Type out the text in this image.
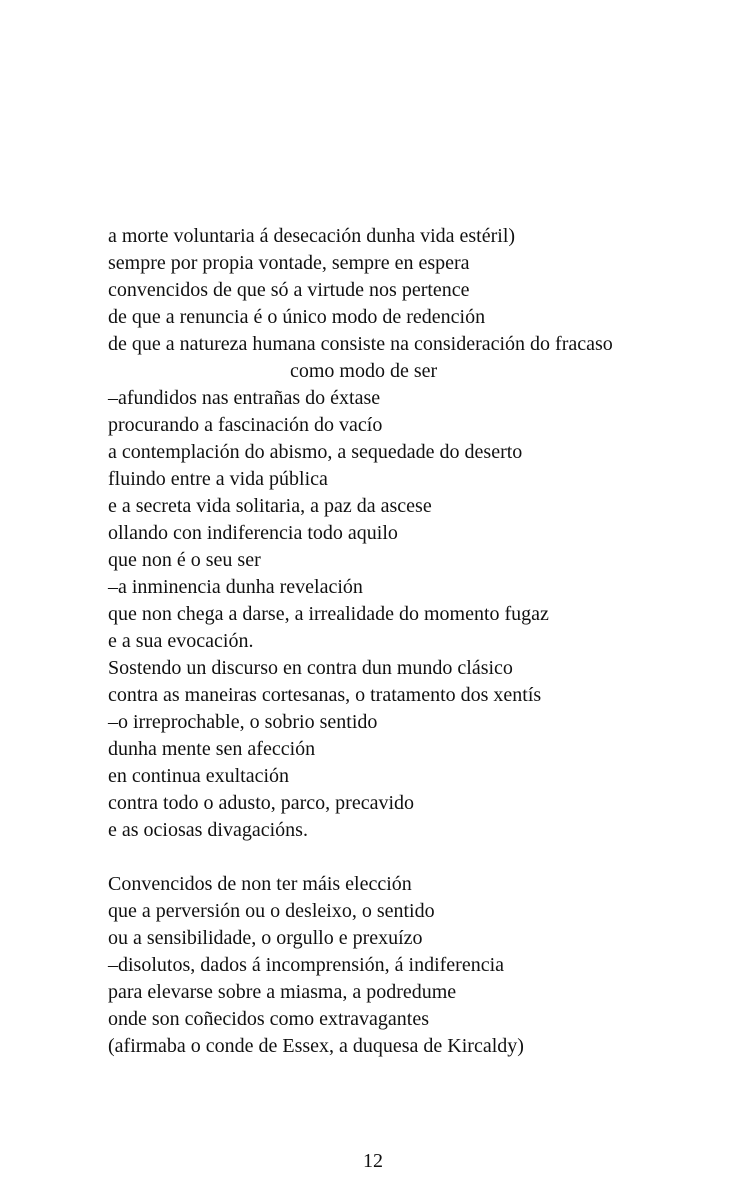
a morte voluntaria á desecación dunha vida estéril)
sempre por propia vontade, sempre en espera
convencidos de que só a virtude nos pertence
de que a renuncia é o único modo de redención
de que a natureza humana consiste na consideración do fracaso
como modo de ser
–afundidos nas entrañas do éxtase
procurando a fascinación do vacío
a contemplación do abismo, a sequedade do deserto
fluindo entre a vida pública
e a secreta vida solitaria, a paz da ascese
ollando con indiferencia todo aquilo
que non é o seu ser
–a inminencia dunha revelación
que non chega a darse, a irrealidade do momento fugaz
e a sua evocación.
Sostendo un discurso en contra dun mundo clásico
contra as maneiras cortesanas, o tratamento dos xentís
–o irreprochable, o sobrio sentido
dunha mente sen afección
en continua exultación
contra todo o adusto, parco, precavido
e as ociosas divagacións.
Convencidos de non ter máis elección
que a perversión ou o desleixo, o sentido
ou a sensibilidade, o orgullo e prexuízo
–disolutos, dados á incomprensión, á indiferencia
para elevarse sobre a miasma, a podredume
onde son coñecidos como extravagantes
(afirmaba o conde de Essex, a duquesa de Kircaldy)
12
